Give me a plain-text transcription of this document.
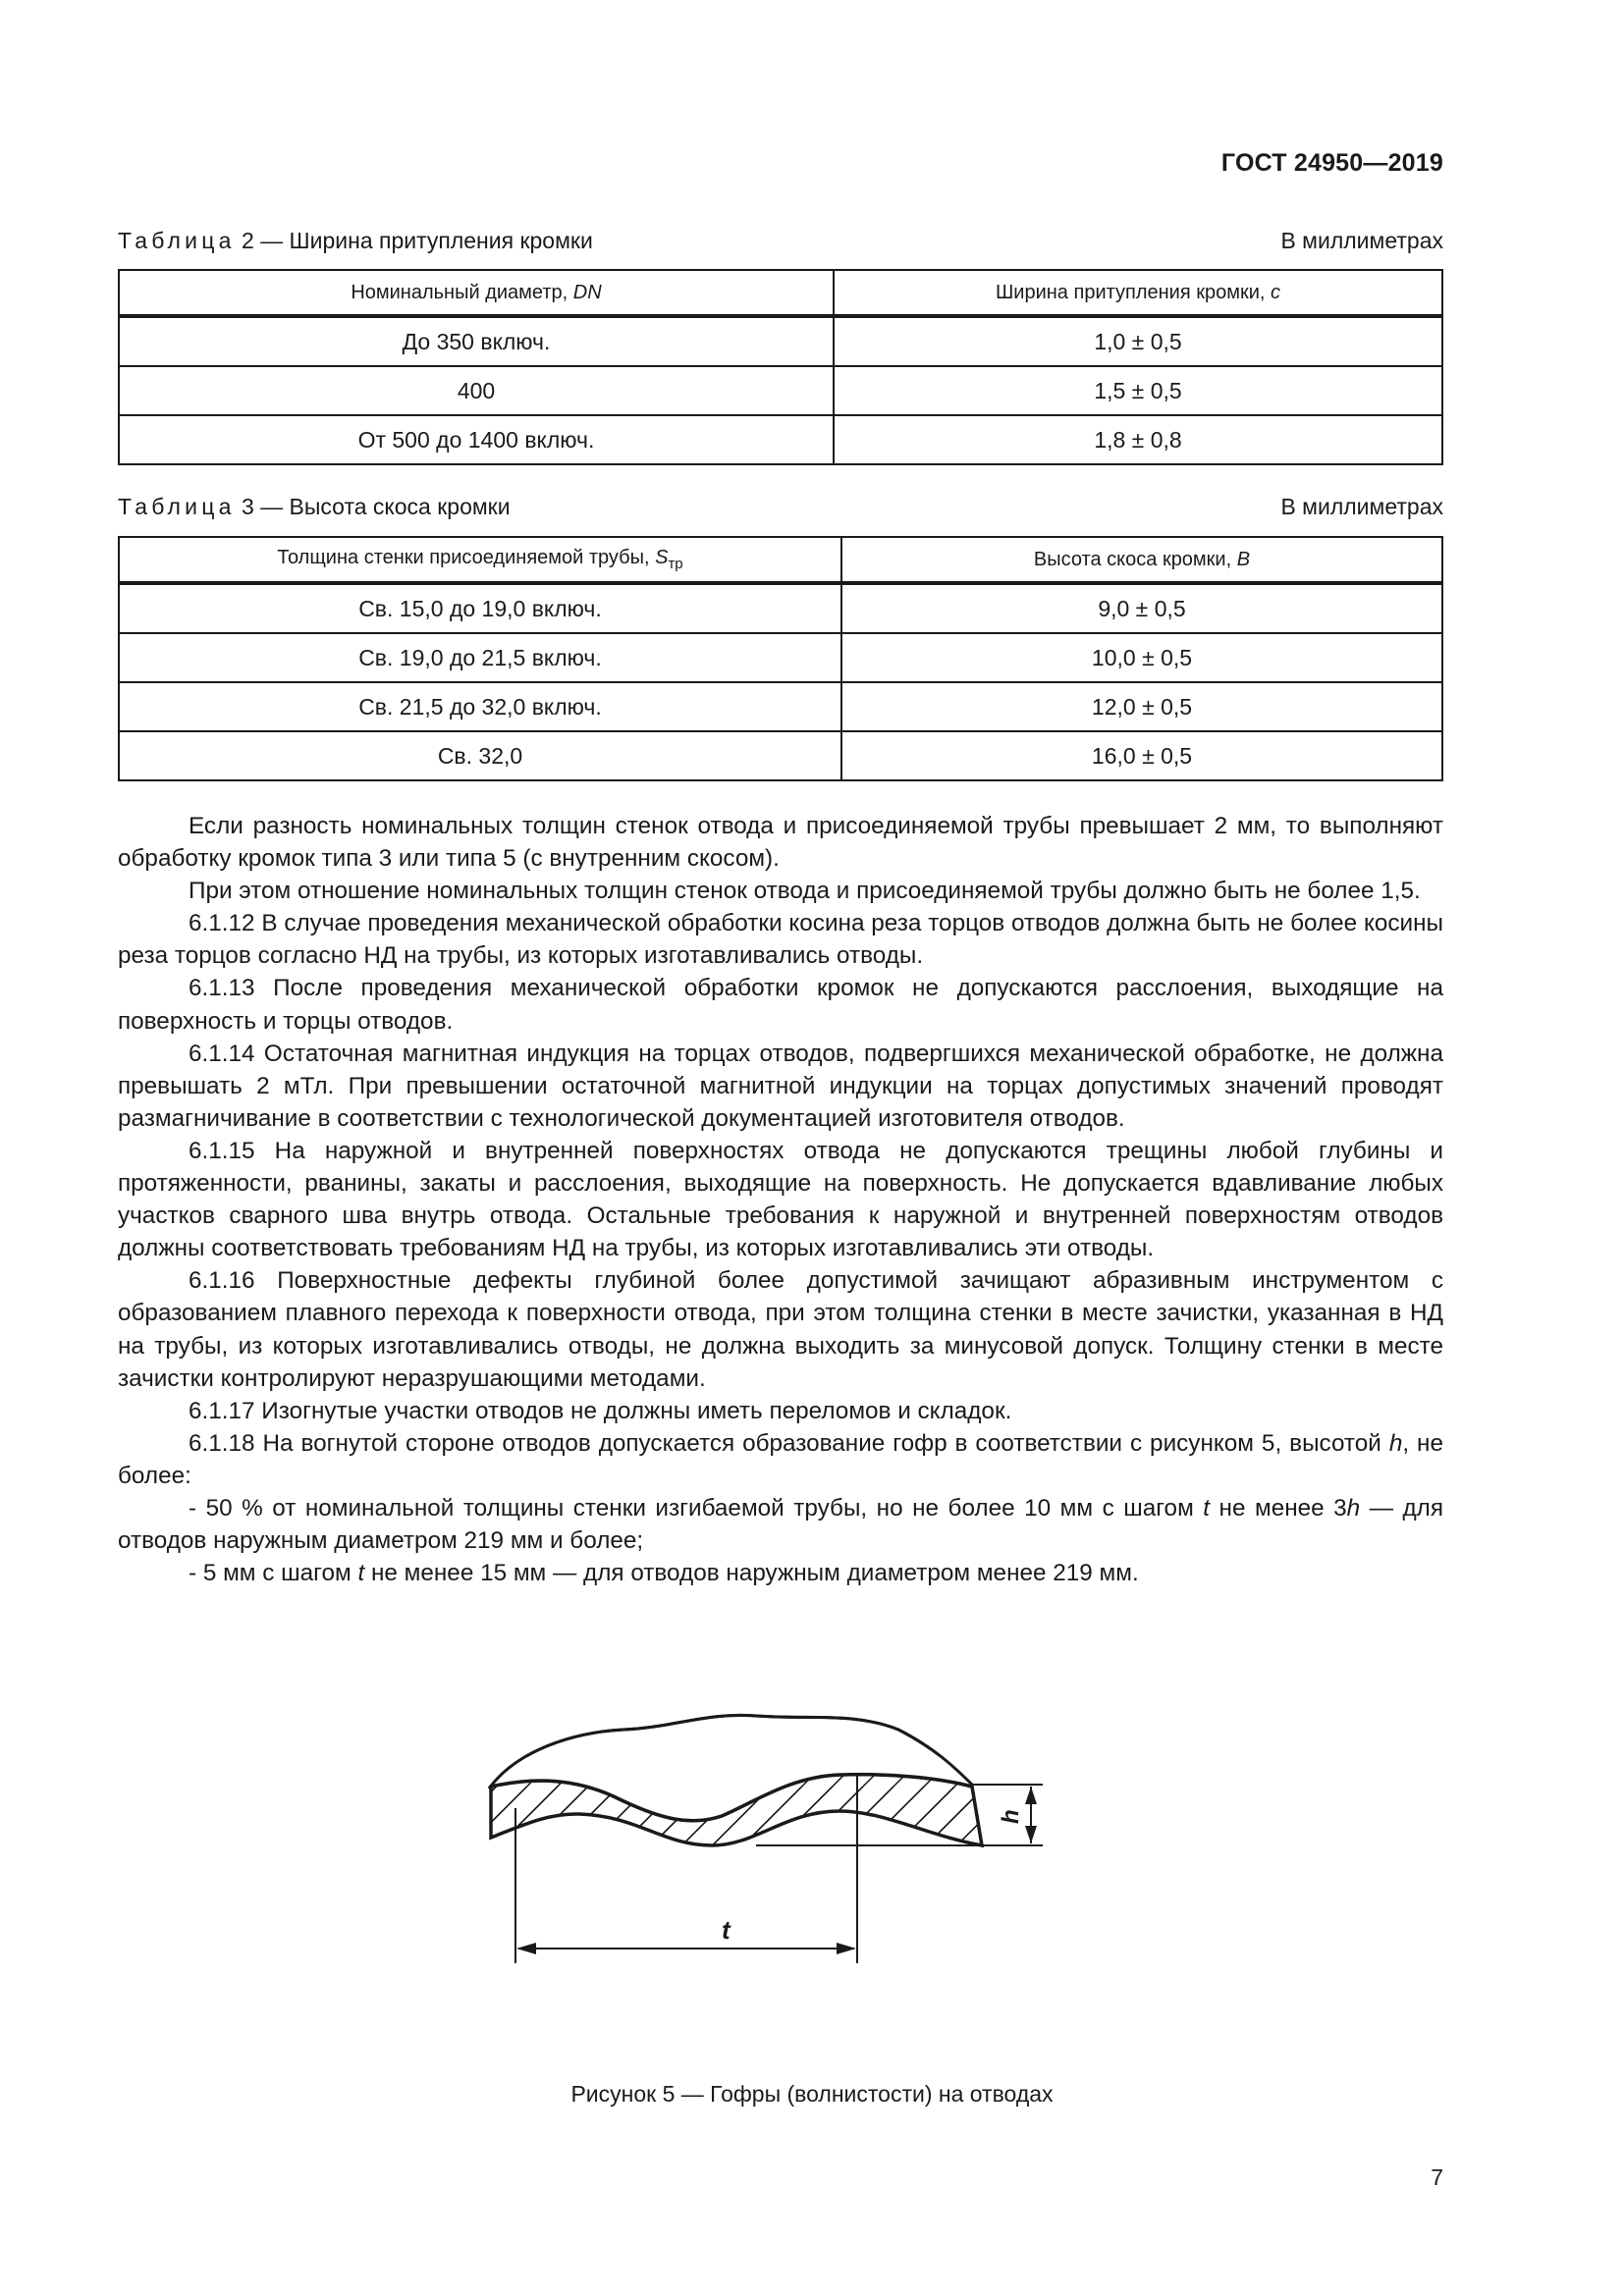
ГОСТ 24950—2019
Таблица 2 — Ширина притупления кромки	В миллиметрах
Номинальный диаметр, DN	Ширина притупления кромки, c
До 350 включ.	1,0 ± 0,5
400	1,5 ± 0,5
От 500 до 1400 включ.	1,8 ± 0,8
Таблица 3 — Высота скоса кромки	В миллиметрах
Толщина стенки присоединяемой трубы, $S_{тр}$	Высота скоса кромки, B
Св. 15,0 до 19,0 включ.	9,0 ± 0,5
Св. 19,0 до 21,5 включ.	10,0 ± 0,5
Св. 21,5 до 32,0 включ.	12,0 ± 0,5
Св. 32,0	16,0 ± 0,5

Если разность номинальных толщин стенок отвода и присоединяемой трубы превышает 2 мм, то выполняют обработку кромок типа 3 или типа 5 (с внутренним скосом).

При этом отношение номинальных толщин стенок отвода и присоединяемой трубы должно быть не более 1,5.

6.1.12 В случае проведения механической обработки косина реза торцов отводов должна быть не более косины реза торцов согласно НД на трубы, из которых изготавливались отводы.

6.1.13 После проведения механической обработки кромок не допускаются расслоения, выходящие на поверхность и торцы отводов.

6.1.14 Остаточная магнитная индукция на торцах отводов, подвергшихся механической обработке, не должна превышать 2 мТл. При превышении остаточной магнитной индукции на торцах допустимых значений проводят размагничивание в соответствии с технологической документацией изготовителя отводов.

6.1.15 На наружной и внутренней поверхностях отвода не допускаются трещины любой глубины и протяженности, рванины, закаты и расслоения, выходящие на поверхность. Не допускается вдавливание любых участков сварного шва внутрь отвода. Остальные требования к наружной и внутренней поверхностям отводов должны соответствовать требованиям НД на трубы, из которых изготавливались эти отводы.

6.1.16 Поверхностные дефекты глубиной более допустимой зачищают абразивным инструментом с образованием плавного перехода к поверхности отвода, при этом толщина стенки в месте зачистки, указанная в НД на трубы, из которых изготавливались отводы, не должна выходить за минусовой допуск. Толщину стенки в месте зачистки контролируют неразрушающими методами.

6.1.17 Изогнутые участки отводов не должны иметь переломов и складок.

6.1.18 На вогнутой стороне отводов допускается образование гофр в соответствии с рисунком 5, высотой h, не более:

- 50 % от номинальной толщины стенки изгибаемой трубы, но не более 10 мм с шагом t не менее 3h — для отводов наружным диаметром 219 мм и более;

- 5 мм с шагом t не менее 15 мм — для отводов наружным диаметром менее 219 мм.

t
h
Рисунок 5 — Гофры (волнистости) на отводах
7
